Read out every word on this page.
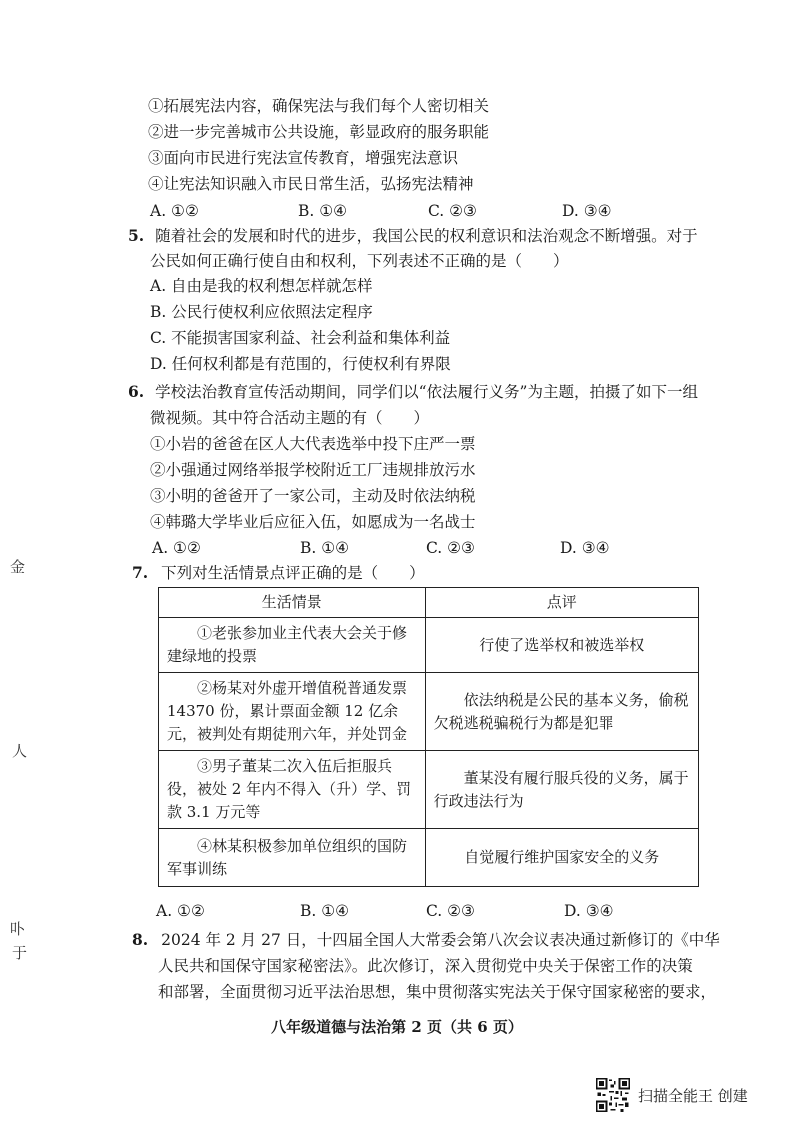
金
人
卟
于
①拓展宪法内容，确保宪法与我们每个人密切相关
②进一步完善城市公共设施，彰显政府的服务职能
③面向市民进行宪法宣传教育，增强宪法意识
④让宪法知识融入市民日常生活，弘扬宪法精神
A. ①②	B. ①④	C. ②③	D. ③④
5. 随着社会的发展和时代的进步，我国公民的权利意识和法治观念不断增强。对于
公民如何正确行使自由和权利，下列表述不正确的是（　　）
A. 自由是我的权利想怎样就怎样
B. 公民行使权利应依照法定程序
C. 不能损害国家利益、社会利益和集体利益
D. 任何权利都是有范围的，行使权利有界限
6. 学校法治教育宣传活动期间，同学们以“依法履行义务”为主题，拍摄了如下一组
微视频。其中符合活动主题的有（　　）
①小岩的爸爸在区人大代表选举中投下庄严一票
②小强通过网络举报学校附近工厂违规排放污水
③小明的爸爸开了一家公司，主动及时依法纳税
④韩璐大学毕业后应征入伍，如愿成为一名战士
A. ①②	B. ①④	C. ②③	D. ③④
7. 下列对生活情景点评正确的是（　　）
生活情景	点评
①老张参加业主代表大会关于修建绿地的投票	行使了选举权和被选举权
②杨某对外虚开增值税普通发票 14370 份，累计票面金额 12 亿余元，被判处有期徒刑六年，并处罚金	依法纳税是公民的基本义务，偷税欠税逃税骗税行为都是犯罪
③男子董某二次入伍后拒服兵役，被处 2 年内不得入（升）学、罚款 3.1 万元等	董某没有履行服兵役的义务，属于行政违法行为
④林某积极参加单位组织的国防军事训练	自觉履行维护国家安全的义务
A. ①②	B. ①④	C. ②③	D. ③④
8. 2024 年 2 月 27 日，十四届全国人大常委会第八次会议表决通过新修订的《中华
人民共和国保守国家秘密法》。此次修订，深入贯彻党中央关于保密工作的决策
和部署，全面贯彻习近平法治思想，集中贯彻落实宪法关于保守国家秘密的要求，
八年级道德与法治第 2 页（共 6 页）
扫描全能王 创建
